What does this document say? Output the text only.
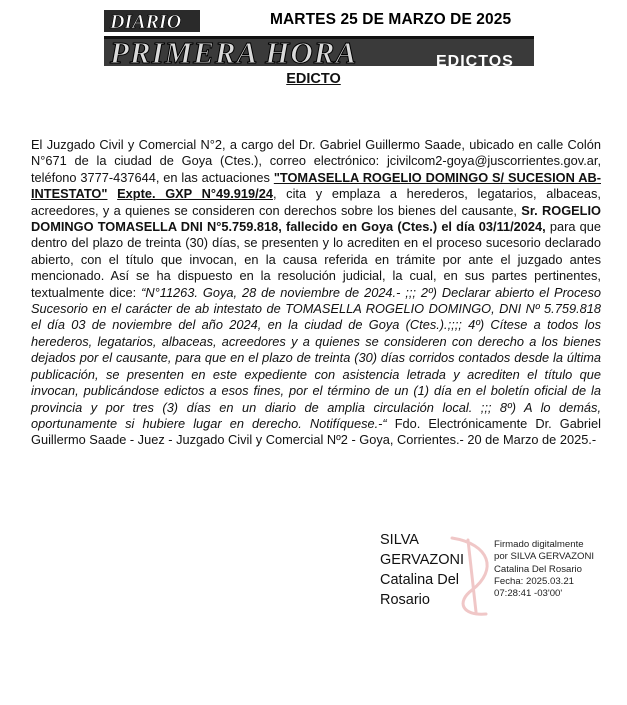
DIARIO
PRIMERA HORA	EDICTOS
MARTES 25 DE MARZO DE 2025
EDICTO

El Juzgado Civil y Comercial N°2, a cargo del Dr. Gabriel Guillermo Saade, ubicado en calle Colón N°671 de la ciudad de Goya (Ctes.), correo electrónico: jcivilcom2-goya@juscorrientes.gov.ar, teléfono 3777-437644, en las actuaciones "TOMASELLA ROGELIO DOMINGO S/ SUCESION AB-INTESTATO" Expte. GXP N°49.919/24, cita y emplaza a herederos, legatarios, albaceas, acreedores, y a quienes se consideren con derechos sobre los bienes del causante, Sr. ROGELIO DOMINGO TOMASELLA DNI N°5.759.818, fallecido en Goya (Ctes.) el día 03/11/2024, para que dentro del plazo de treinta (30) días, se presenten y lo acrediten en el proceso sucesorio declarado abierto, con el título que invocan, en la causa referida en trámite por ante el juzgado antes mencionado. Así se ha dispuesto en la resolución judicial, la cual, en sus partes pertinentes, textualmente dice: “N°11263. Goya, 28 de noviembre de 2024.- ;;; 2º) Declarar abierto el Proceso Sucesorio en el carácter de ab intestato de TOMASELLA ROGELIO DOMINGO, DNI Nº 5.759.818 el día 03 de noviembre del año 2024, en la ciudad de Goya (Ctes.).;;;; 4º) Cítese a todos los herederos, legatarios, albaceas, acreedores y a quienes se consideren con derecho a los bienes dejados por el causante, para que en el plazo de treinta (30) días corridos contados desde la última publicación, se presenten en este expediente con asistencia letrada y acrediten el título que invocan, publicándose edictos a esos fines, por el término de un (1) día en el boletín oficial de la provincia y por tres (3) días en un diario de amplia circulación local. ;;; 8º) A lo demás, oportunamente si hubiere lugar en derecho. Notifíquese.-“ Fdo. Electrónicamente Dr. Gabriel Guillermo Saade - Juez - Juzgado Civil y Comercial Nº2 - Goya, Corrientes.- 20 de Marzo de 2025.-

SILVA
GERVAZONI
Catalina Del
Rosario
Firmado digitalmente
por SILVA GERVAZONI
Catalina Del Rosario
Fecha: 2025.03.21
07:28:41 -03'00'
